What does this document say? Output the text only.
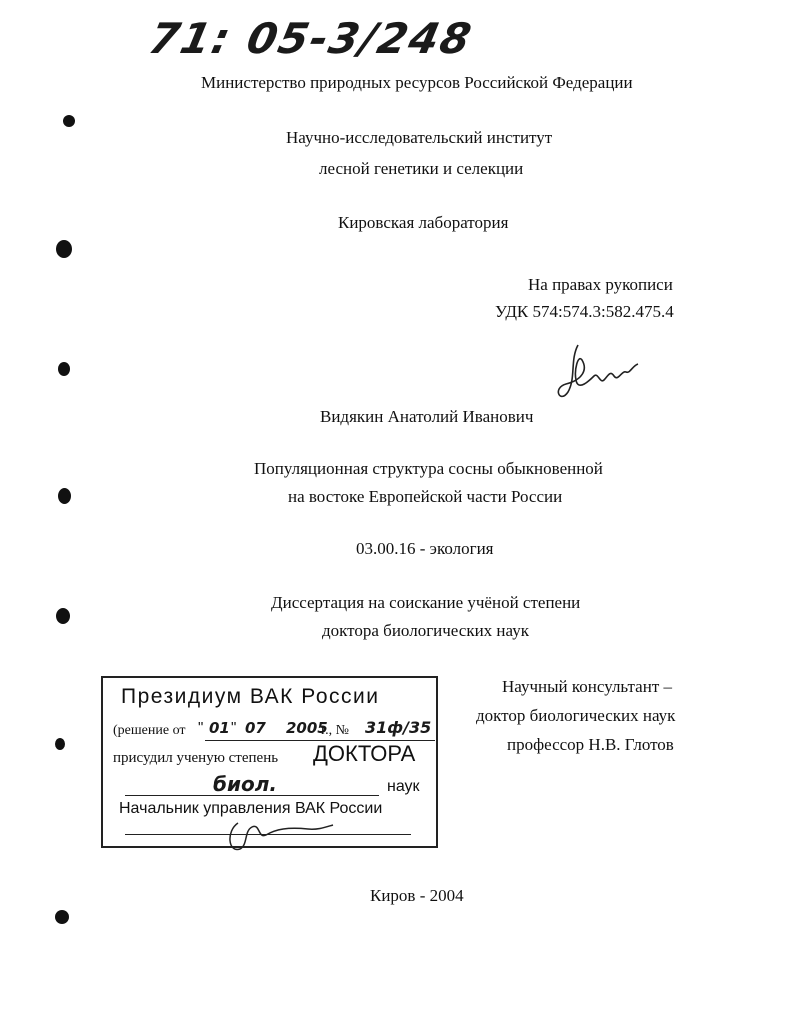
71: 05-3/248
Министерство природных ресурсов Российской Федерации
Научно-исследовательский институт
лесной генетики и селекции
Кировская лаборатория
На правах рукописи
УДК 574:574.3:582.475.4
Видякин Анатолий Иванович
Популяционная структура сосны обыкновенной
на востоке Европейской части России
03.00.16 - экология
Диссертация на соискание учёной степени
доктора биологических наук
Научный консультант –
доктор биологических наук
профессор Н.В. Глотов
Президиум ВАК России
(решение от " 01 " 07 2005
г., № 31ф/35
присудил ученую степень ДОКТОРА
биол.	наук
Начальник управления ВАК России
Киров - 2004
